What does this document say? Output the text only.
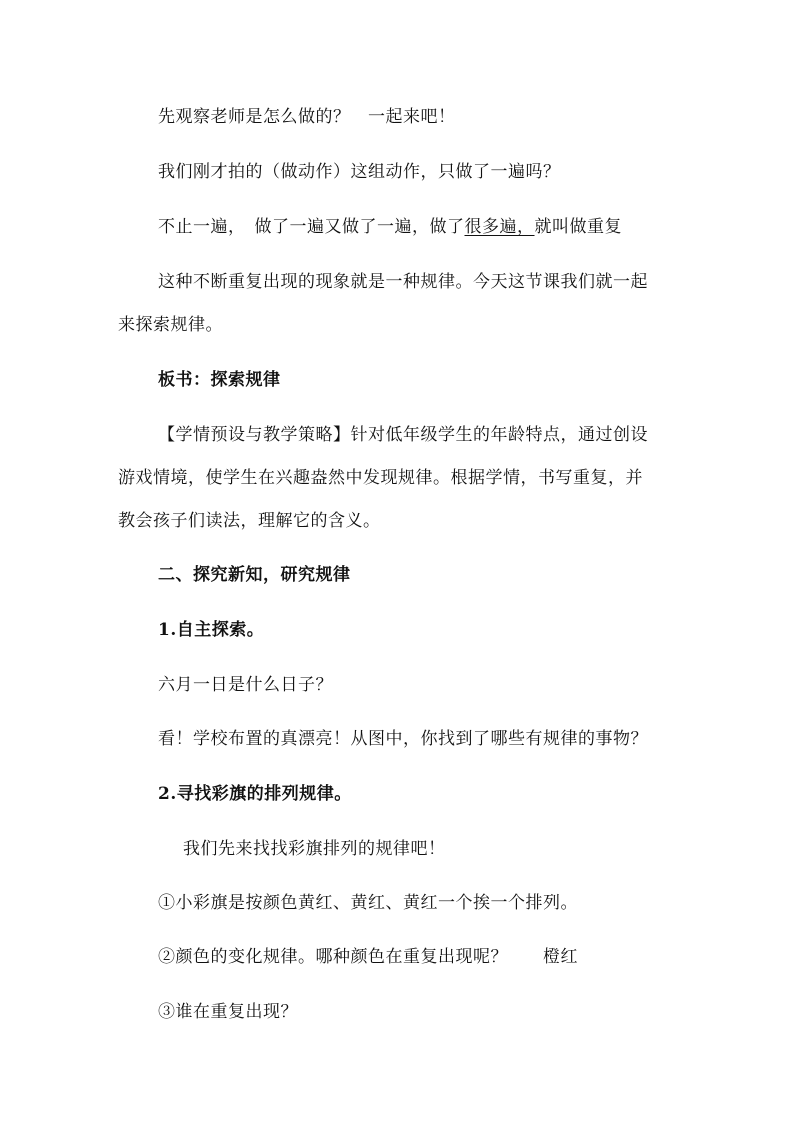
先观察老师是怎么做的？　一起来吧！
我们刚才拍的（做动作）这组动作，只做了一遍吗？
不止一遍，　做了一遍又做了一遍，做了很多遍，就叫做重复
这种不断重复出现的现象就是一种规律。今天这节课我们就一起
来探索规律。
板书：探索规律
【学情预设与教学策略】针对低年级学生的年龄特点，通过创设
游戏情境，使学生在兴趣盎然中发现规律。根据学情，书写重复，并
教会孩子们读法，理解它的含义。
二、探究新知，研究规律
1.自主探索。
六月一日是什么日子？
看！学校布置的真漂亮！从图中，你找到了哪些有规律的事物？
2.寻找彩旗的排列规律。
我们先来找找彩旗排列的规律吧！
①小彩旗是按颜色黄红、黄红、黄红一个挨一个排列。
②颜色的变化规律。哪种颜色在重复出现呢？　　橙红
③谁在重复出现？
